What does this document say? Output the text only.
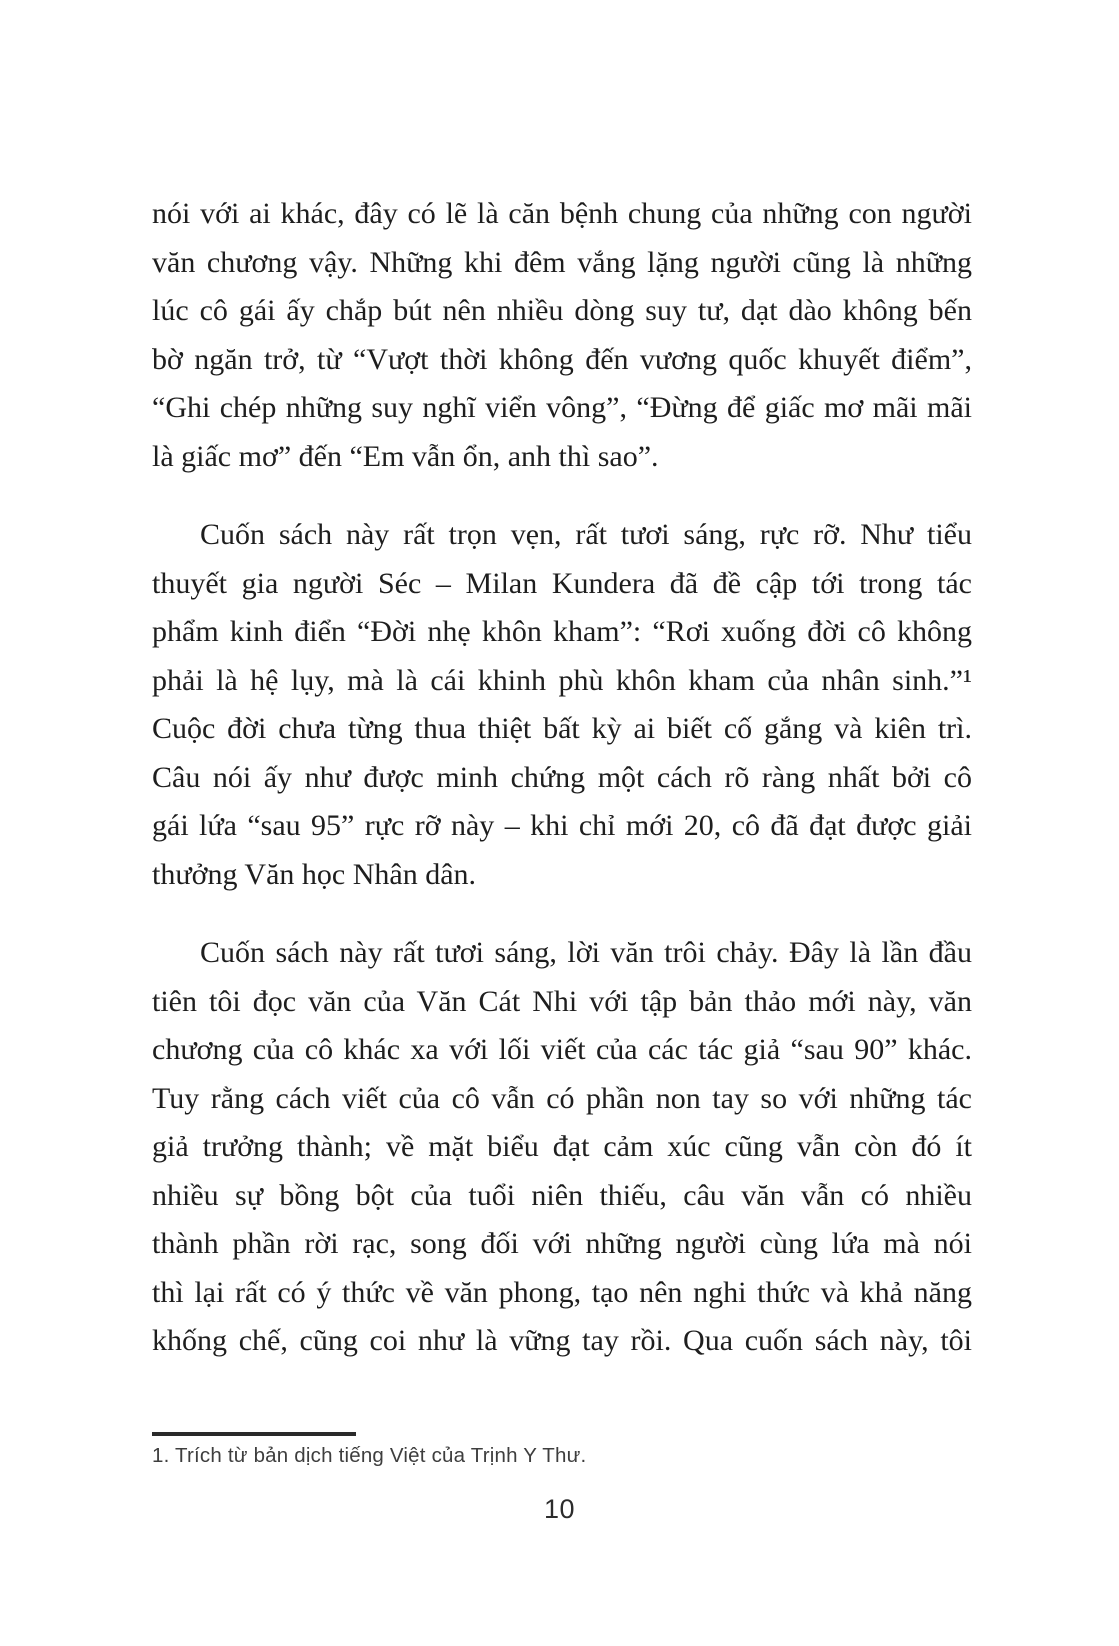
nói với ai khác, đây có lẽ là căn bệnh chung của những con người
văn chương vậy. Những khi đêm vắng lặng người cũng là những
lúc cô gái ấy chắp bút nên nhiều dòng suy tư, dạt dào không bến
bờ ngăn trở, từ “Vượt thời không đến vương quốc khuyết điểm”,
“Ghi chép những suy nghĩ viển vông”, “Đừng để giấc mơ mãi mãi
là giấc mơ” đến “Em vẫn ổn, anh thì sao”.
Cuốn sách này rất trọn vẹn, rất tươi sáng, rực rỡ. Như tiểu
thuyết gia người Séc – Milan Kundera đã đề cập tới trong tác
phẩm kinh điển “Đời nhẹ khôn kham”: “Rơi xuống đời cô không
phải là hệ lụy, mà là cái khinh phù khôn kham của nhân sinh.”¹
Cuộc đời chưa từng thua thiệt bất kỳ ai biết cố gắng và kiên trì.
Câu nói ấy như được minh chứng một cách rõ ràng nhất bởi cô
gái lứa “sau 95” rực rỡ này – khi chỉ mới 20, cô đã đạt được giải
thưởng Văn học Nhân dân.
Cuốn sách này rất tươi sáng, lời văn trôi chảy. Đây là lần đầu
tiên tôi đọc văn của Văn Cát Nhi với tập bản thảo mới này, văn
chương của cô khác xa với lối viết của các tác giả “sau 90” khác.
Tuy rằng cách viết của cô vẫn có phần non tay so với những tác
giả trưởng thành; về mặt biểu đạt cảm xúc cũng vẫn còn đó ít
nhiều sự bồng bột của tuổi niên thiếu, câu văn vẫn có nhiều
thành phần rời rạc, song đối với những người cùng lứa mà nói
thì lại rất có ý thức về văn phong, tạo nên nghi thức và khả năng
khống chế, cũng coi như là vững tay rồi. Qua cuốn sách này, tôi
1. Trích từ bản dịch tiếng Việt của Trịnh Y Thư.
10
